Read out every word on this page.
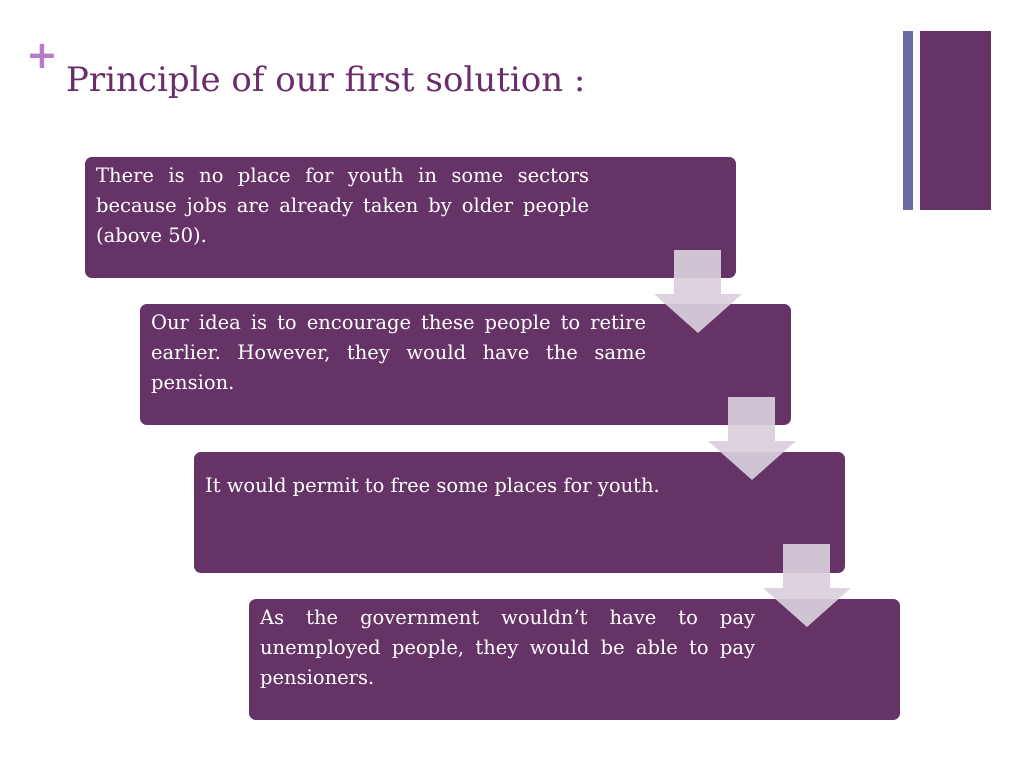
+
Principle of our first solution :

There is no place for youth in some sectors because jobs are already taken by older people (above 50).

Our idea is to encourage these people to retire earlier. However, they would have the same pension.

It would permit to free some places for youth.

As the government wouldn’t have to pay unemployed people, they would be able to pay pensioners.
